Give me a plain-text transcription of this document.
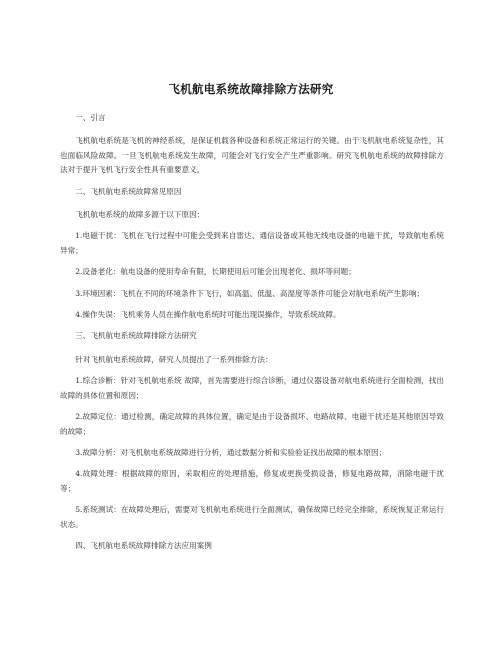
飞机航电系统故障排除方法研究

一、引言

飞机航电系统是飞机的神经系统，是保证机载各种设备和系统正常运行的关键。由于飞机航电系统复杂性，其也面临风险故障。一旦飞机航电系统发生故障，可能会对飞行安全产生严重影响。研究飞机航电系统的故障排除方法对于提升飞机飞行安全性具有重要意义。

二、飞机航电系统故障常见原因

飞机航电系统的故障多源于以下原因：

1.电磁干扰：飞机在飞行过程中可能会受到来自雷达、通信设备或其他无线电设备的电磁干扰，导致航电系统异常；

2.设备老化：航电设备的使用寿命有限，长期使用后可能会出现老化、损坏等问题；

3.环境因素：飞机在不同的环境条件下飞行，如高温、低温、高湿度等条件可能会对航电系统产生影响；

4.操作失误：飞机乘务人员在操作航电系统时可能出现误操作，导致系统故障。

三、飞机航电系统故障排除方法研究

针对飞机航电系统故障，研究人员提出了一系列排除方法：

1.综合诊断：针对飞机航电系统 故障，首先需要进行综合诊断，通过仪器设备对航电系统进行全面检测，找出故障的具体位置和原因；

2.故障定位：通过检测，确定故障的具体位置，确定是由于设备损坏、电路故障、电磁干扰还是其他原因导致的故障；

3.故障分析：对飞机航电系统故障进行分析，通过数据分析和实验验证找出故障的根本原因；

4.故障处理：根据故障的原因，采取相应的处理措施，修复或更换受损设备，修复电路故障，消除电磁干扰等；

5.系统测试：在故障处理后，需要对飞机航电系统进行全面测试，确保故障已经完全排除，系统恢复正常运行状态。

四、飞机航电系统故障排除方法应用案例
